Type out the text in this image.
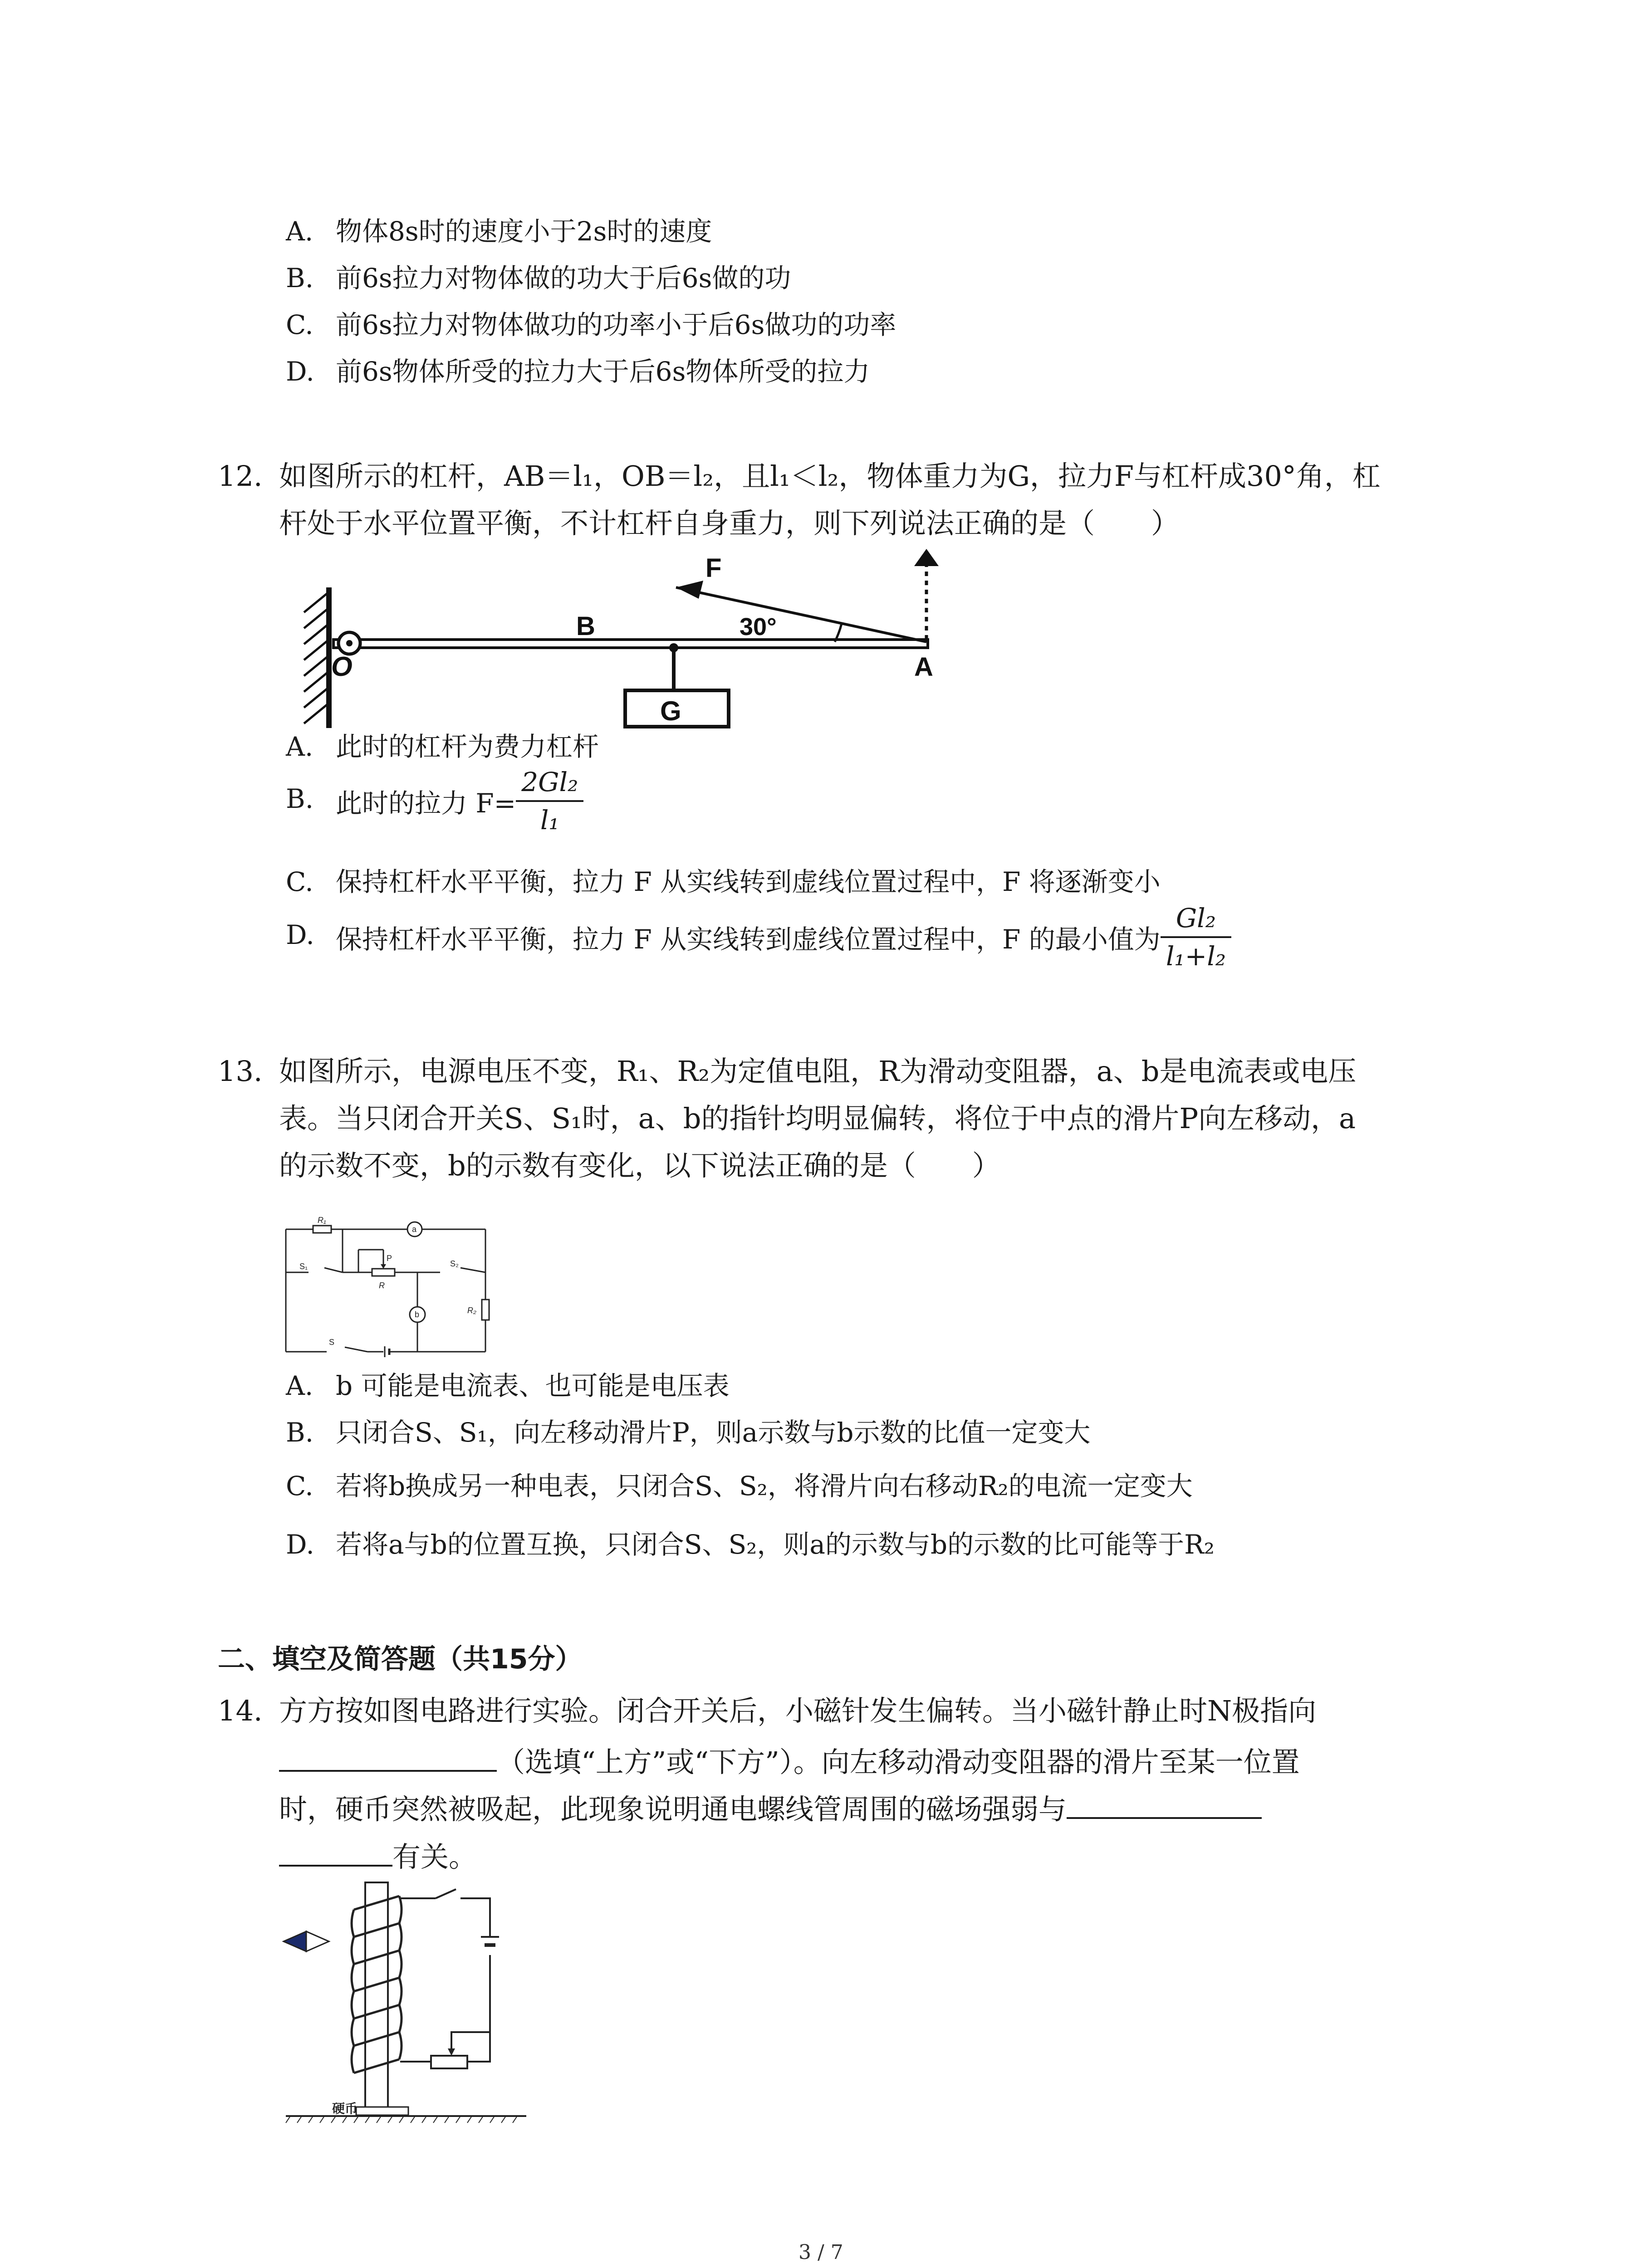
A. 物体8s时的速度小于2s时的速度
B. 前6s拉力对物体做的功大于后6s做的功
C. 前6s拉力对物体做功的功率小于后6s做功的功率
D. 前6s物体所受的拉力大于后6s物体所受的拉力
12. 如图所示的杠杆，AB＝l₁，OB＝l₂，且l₁＜l₂，物体重力为G，拉力F与杠杆成30°角，杠
杆处于水平位置平衡，不计杠杆自身重力，则下列说法正确的是（　　）
O
B
G
F
30°
A
A. 此时的杠杆为费力杠杆
B. 此时的拉力 $F= \frac{\text{2Gl₂}}{\text{l₁}}$
C. 保持杠杆水平平衡，拉力 F 从实线转到虚线位置过程中，F 将逐渐变小
D. 保持杠杆水平平衡，拉力 F 从实线转到虚线位置过程中，F 的最小值为 $\frac{\text{Gl₂}}{\text{l₁+l₂}}$
13. 如图所示，电源电压不变，R₁、R₂为定值电阻，R为滑动变阻器，a、b是电流表或电压
表。当只闭合开关S、S₁时，a、b的指针均明显偏转，将位于中点的滑片P向左移动，a
的示数不变，b的示数有变化，以下说法正确的是（　　）
R₁
a
S₁
P
R
S₂
b	R₂
S
A. b 可能是电流表、也可能是电压表
B. 只闭合S、S₁，向左移动滑片P，则a示数与b示数的比值一定变大
C. 若将b换成另一种电表，只闭合S、S₂，将滑片向右移动R₂的电流一定变大
D. 若将a与b的位置互换，只闭合S、S₂，则a的示数与b的示数的比可能等于R₂
二、填空及简答题（共15分）
14. 方方按如图电路进行实验。闭合开关后，小磁针发生偏转。当小磁针静止时N极指向
（选填“上方”或“下方”）。向左移动滑动变阻器的滑片至某一位置
时，硬币突然被吸起，此现象说明通电螺线管周围的磁场强弱与
有关。
硬币
3 / 7
